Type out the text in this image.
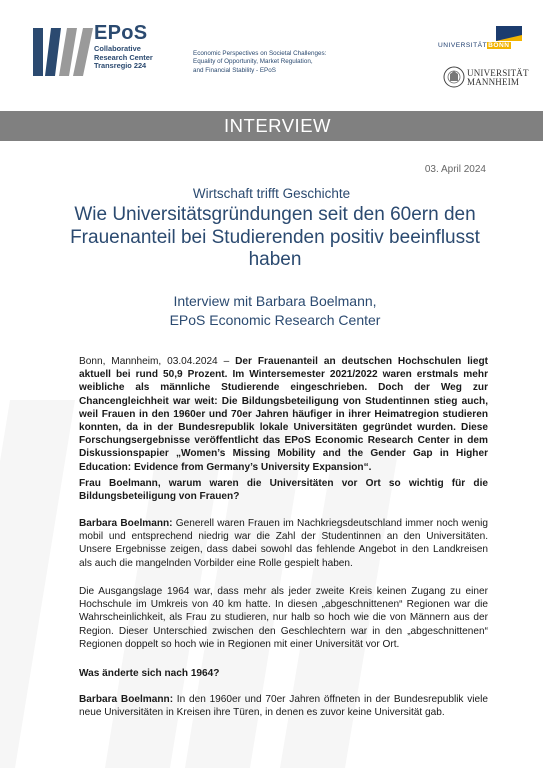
EPoS
Collaborative
Research Center
Transregio 224
Economic Perspectives on Societal Challenges:
Equality of Opportunity, Market Regulation,
and Financial Stability - EPoS
UNIVERSITÄTBONN
UNIVERSITÄT
MANNHEIM
INTERVIEW
03. April 2024
Wirtschaft trifft Geschichte
Wie Universitätsgründungen seit den 60ern den Frauenanteil bei Studierenden positiv beeinflusst haben
Interview mit Barbara Boelmann,
EPoS Economic Research Center

Bonn, Mannheim, 03.04.2024 – Der Frauenanteil an deutschen Hochschulen liegt aktuell bei rund 50,9 Prozent. Im Wintersemester 2021/2022 waren erstmals mehr weibliche als männliche Studierende eingeschrieben. Doch der Weg zur Chancengleichheit war weit: Die Bildungsbeteiligung von Studentinnen stieg auch, weil Frauen in den 1960er und 70er Jahren häufiger in ihrer Heimatregion studieren konnten, da in der Bundesrepublik lokale Universitäten gegründet wurden. Diese Forschungsergebnisse veröffentlicht das EPoS Economic Research Center in dem Diskussionspapier „Women’s Missing Mobility and the Gender Gap in Higher Education: Evidence from Germany’s University Expansion“.

Frau Boelmann, warum waren die Universitäten vor Ort so wichtig für die Bildungsbeteiligung von Frauen?

Barbara Boelmann: Generell waren Frauen im Nachkriegsdeutschland immer noch wenig mobil und entsprechend niedrig war die Zahl der Studentinnen an den Universitäten. Unsere Ergebnisse zeigen, dass dabei sowohl das fehlende Angebot in den Landkreisen als auch die mangelnden Vorbilder eine Rolle gespielt haben.

Die Ausgangslage 1964 war, dass mehr als jeder zweite Kreis keinen Zugang zu einer Hochschule im Umkreis von 40 km hatte. In diesen „abgeschnittenen“ Regionen war die Wahrscheinlichkeit, als Frau zu studieren, nur halb so hoch wie die von Männern aus der Region. Dieser Unterschied zwischen den Geschlechtern war in den „abgeschnittenen“ Regionen doppelt so hoch wie in Regionen mit einer Universität vor Ort.
Was änderte sich nach 1964?

Barbara Boelmann: In den 1960er und 70er Jahren öffneten in der Bundesrepublik viele neue Universitäten in Kreisen ihre Türen, in denen es zuvor keine Universität gab.
